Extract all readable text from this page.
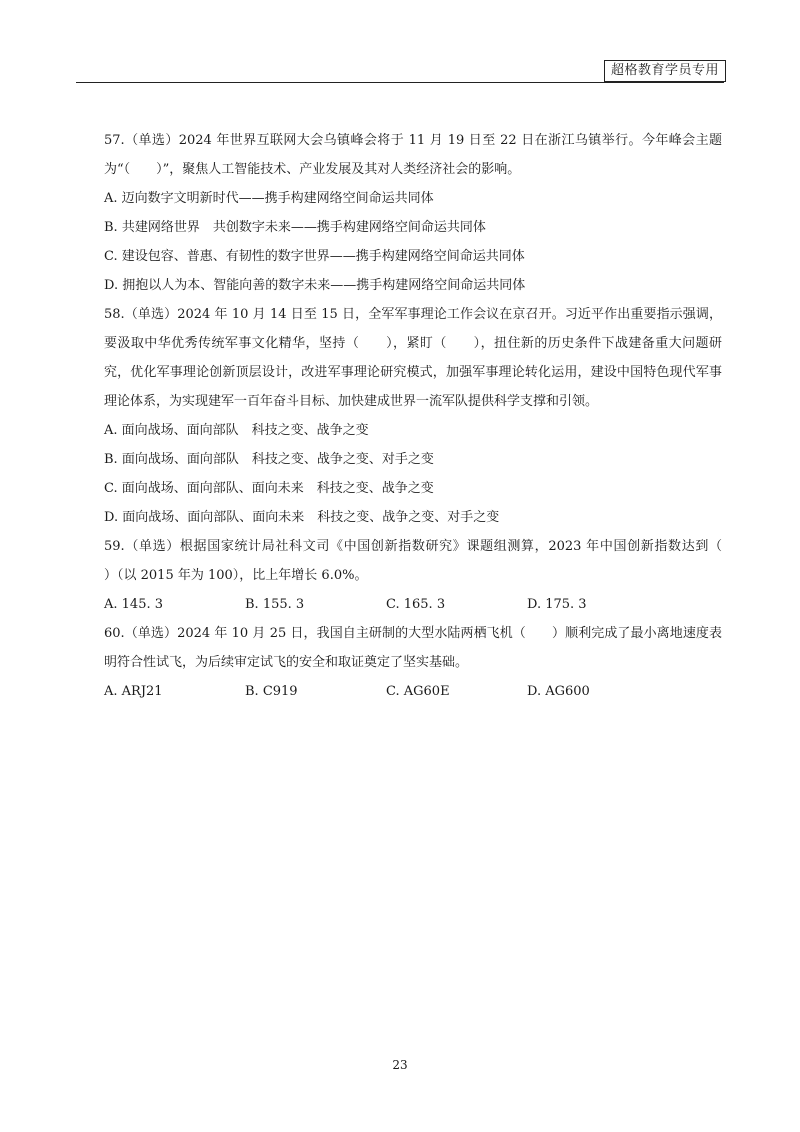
超格教育学员专用
57.（单选）2024 年世界互联网大会乌镇峰会将于 11 月 19 日至 22 日在浙江乌镇举行。今年峰会主题为“（　　）”，聚焦人工智能技术、产业发展及其对人类经济社会的影响。
A. 迈向数字文明新时代——携手构建网络空间命运共同体
B. 共建网络世界　共创数字未来——携手构建网络空间命运共同体
C. 建设包容、普惠、有韧性的数字世界——携手构建网络空间命运共同体
D. 拥抱以人为本、智能向善的数字未来——携手构建网络空间命运共同体
58.（单选）2024 年 10 月 14 日至 15 日，全军军事理论工作会议在京召开。习近平作出重要指示强调，要汲取中华优秀传统军事文化精华，坚持（　　），紧盯（　　），扭住新的历史条件下战建备重大问题研究，优化军事理论创新顶层设计，改进军事理论研究模式，加强军事理论转化运用，建设中国特色现代军事理论体系，为实现建军一百年奋斗目标、加快建成世界一流军队提供科学支撑和引领。
A. 面向战场、面向部队　科技之变、战争之变
B. 面向战场、面向部队　科技之变、战争之变、对手之变
C. 面向战场、面向部队、面向未来　科技之变、战争之变
D. 面向战场、面向部队、面向未来　科技之变、战争之变、对手之变
59.（单选）根据国家统计局社科文司《中国创新指数研究》课题组测算，2023 年中国创新指数达到（　　）（以 2015 年为 100），比上年增长 6.0%。
A. 145. 3	B. 155. 3	C. 165. 3	D. 175. 3
60.（单选）2024 年 10 月 25 日，我国自主研制的大型水陆两栖飞机（　　）顺利完成了最小离地速度表明符合性试飞，为后续审定试飞的安全和取证奠定了坚实基础。
A. ARJ21	B. C919	C. AG60E	D. AG600
23
